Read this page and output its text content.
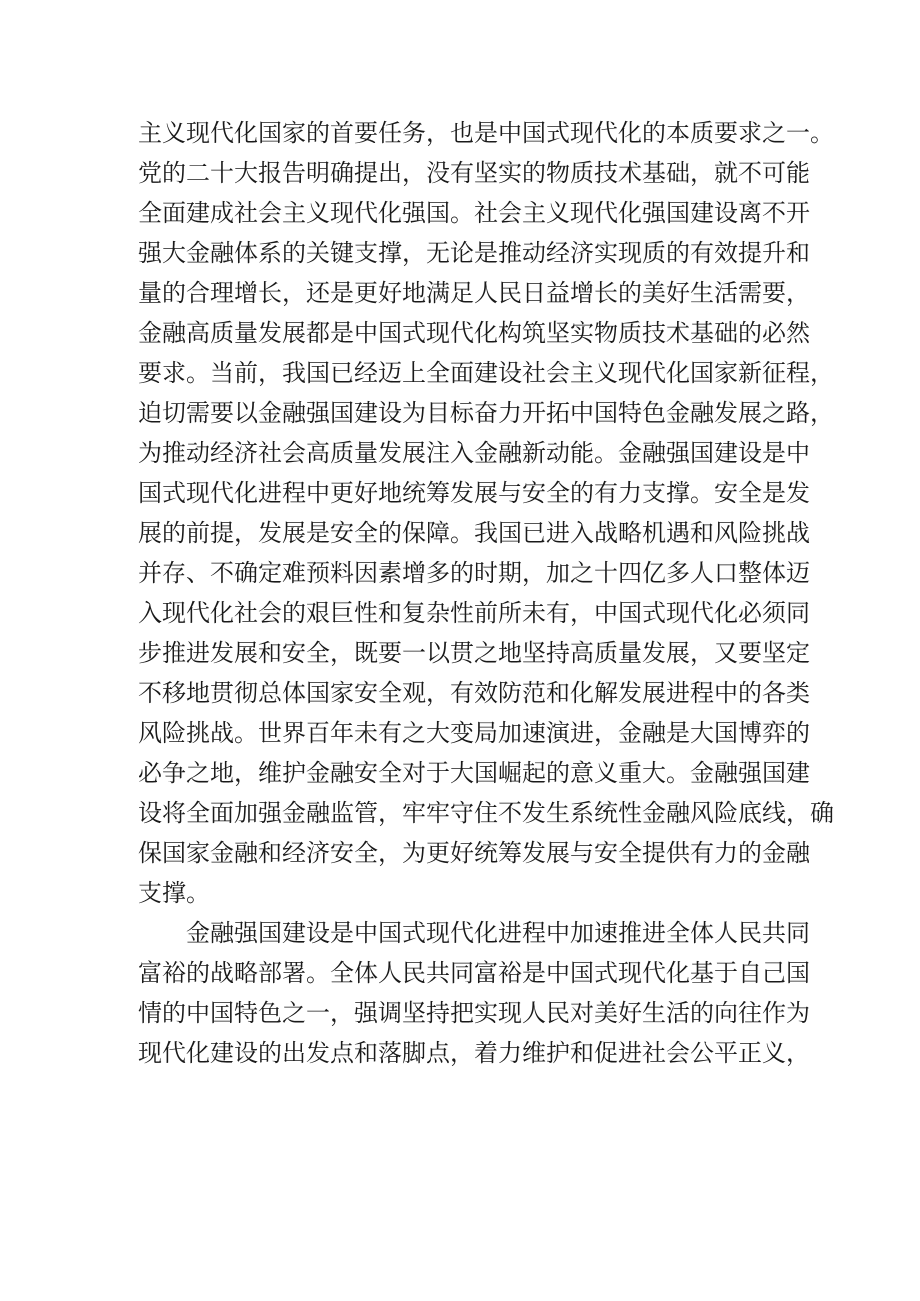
主义现代化国家的首要任务，也是中国式现代化的本质要求之一。
党的二十大报告明确提出，没有坚实的物质技术基础，就不可能
全面建成社会主义现代化强国。社会主义现代化强国建设离不开
强大金融体系的关键支撑，无论是推动经济实现质的有效提升和
量的合理增长，还是更好地满足人民日益增长的美好生活需要，
金融高质量发展都是中国式现代化构筑坚实物质技术基础的必然
要求。当前，我国已经迈上全面建设社会主义现代化国家新征程，
迫切需要以金融强国建设为目标奋力开拓中国特色金融发展之路，
为推动经济社会高质量发展注入金融新动能。金融强国建设是中
国式现代化进程中更好地统筹发展与安全的有力支撑。安全是发
展的前提，发展是安全的保障。我国已进入战略机遇和风险挑战
并存、不确定难预料因素增多的时期，加之十四亿多人口整体迈
入现代化社会的艰巨性和复杂性前所未有，中国式现代化必须同
步推进发展和安全，既要一以贯之地坚持高质量发展，又要坚定
不移地贯彻总体国家安全观，有效防范和化解发展进程中的各类
风险挑战。世界百年未有之大变局加速演进，金融是大国博弈的
必争之地，维护金融安全对于大国崛起的意义重大。金融强国建
设将全面加强金融监管，牢牢守住不发生系统性金融风险底线，确
保国家金融和经济安全，为更好统筹发展与安全提供有力的金融
支撑。
金融强国建设是中国式现代化进程中加速推进全体人民共同
富裕的战略部署。全体人民共同富裕是中国式现代化基于自己国
情的中国特色之一，强调坚持把实现人民对美好生活的向往作为
现代化建设的出发点和落脚点，着力维护和促进社会公平正义，
